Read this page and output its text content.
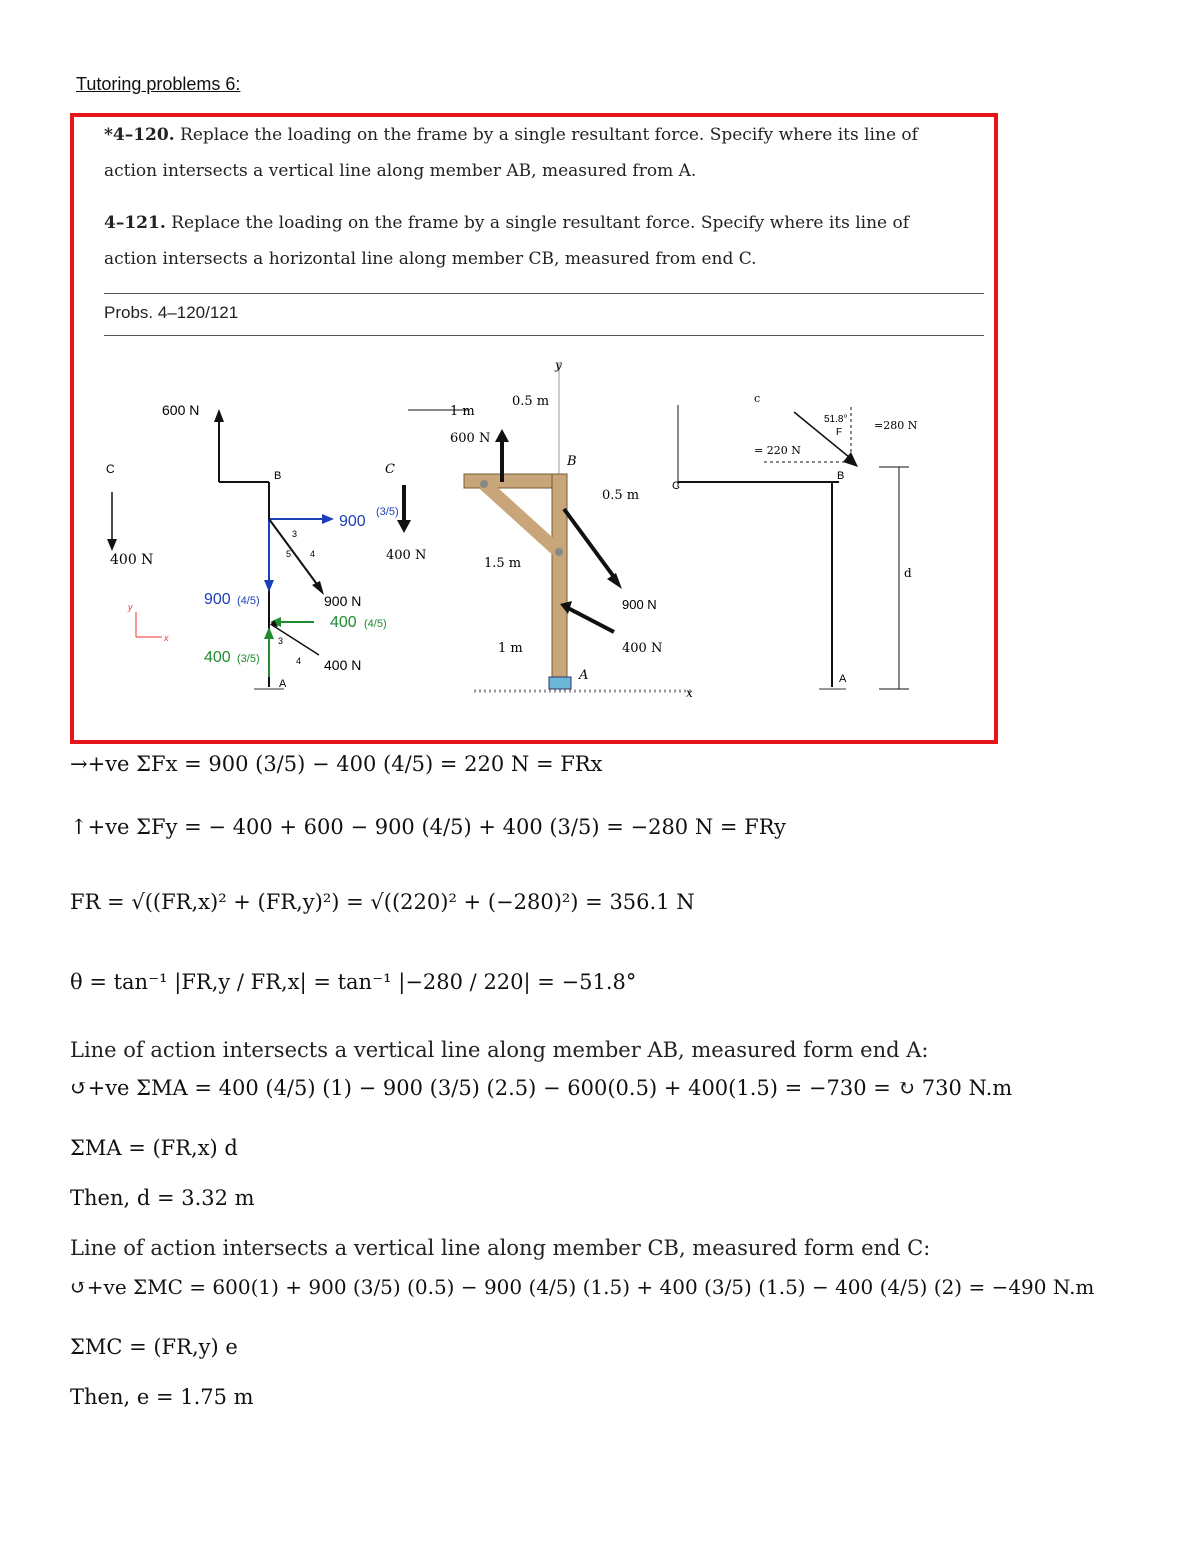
Tutoring problems 6:
*4–120. Replace the loading on the frame by a single resultant force. Specify where its line of
action intersects a vertical line along member AB, measured from A.
4–121. Replace the loading on the frame by a single resultant force. Specify where its line of
action intersects a horizontal line along member CB, measured from end C.
Probs. 4–120/121
600 N
C
400 N
B
900
(3/5)
900 (4/5)	900 N
400 (4/5)
400 (3/5)	400 N
A
y
x
3
5 4
3
4
1 m
0.5 m
y
600 N
B
C
400 N
0.5 m
1.5 m
900 N
1 m	400 N
A
x
c
51.8°
F
=280 N
= 220 N
B
C
d
A
→+ve ΣFx = 900 (3/5) − 400 (4/5) = 220 N = FRx
↑+ve ΣFy = − 400 + 600 − 900 (4/5) + 400 (3/5) = −280 N = FRy
FR = √((FR,x)² + (FR,y)²) = √((220)² + (−280)²) = 356.1 N
θ = tan⁻¹ |FR,y / FR,x| = tan⁻¹ |−280 / 220| = −51.8°
Line of action intersects a vertical line along member AB, measured form end A:
↺+ve ΣMA = 400 (4/5) (1) − 900 (3/5) (2.5) − 600(0.5) + 400(1.5) = −730 = ↻ 730 N.m
ΣMA = (FR,x) d
Then, d = 3.32 m
Line of action intersects a vertical line along member CB, measured form end C:
↺+ve ΣMC = 600(1) + 900 (3/5) (0.5) − 900 (4/5) (1.5) + 400 (3/5) (1.5) − 400 (4/5) (2) = −490 N.m
ΣMC = (FR,y) e
Then, e = 1.75 m
